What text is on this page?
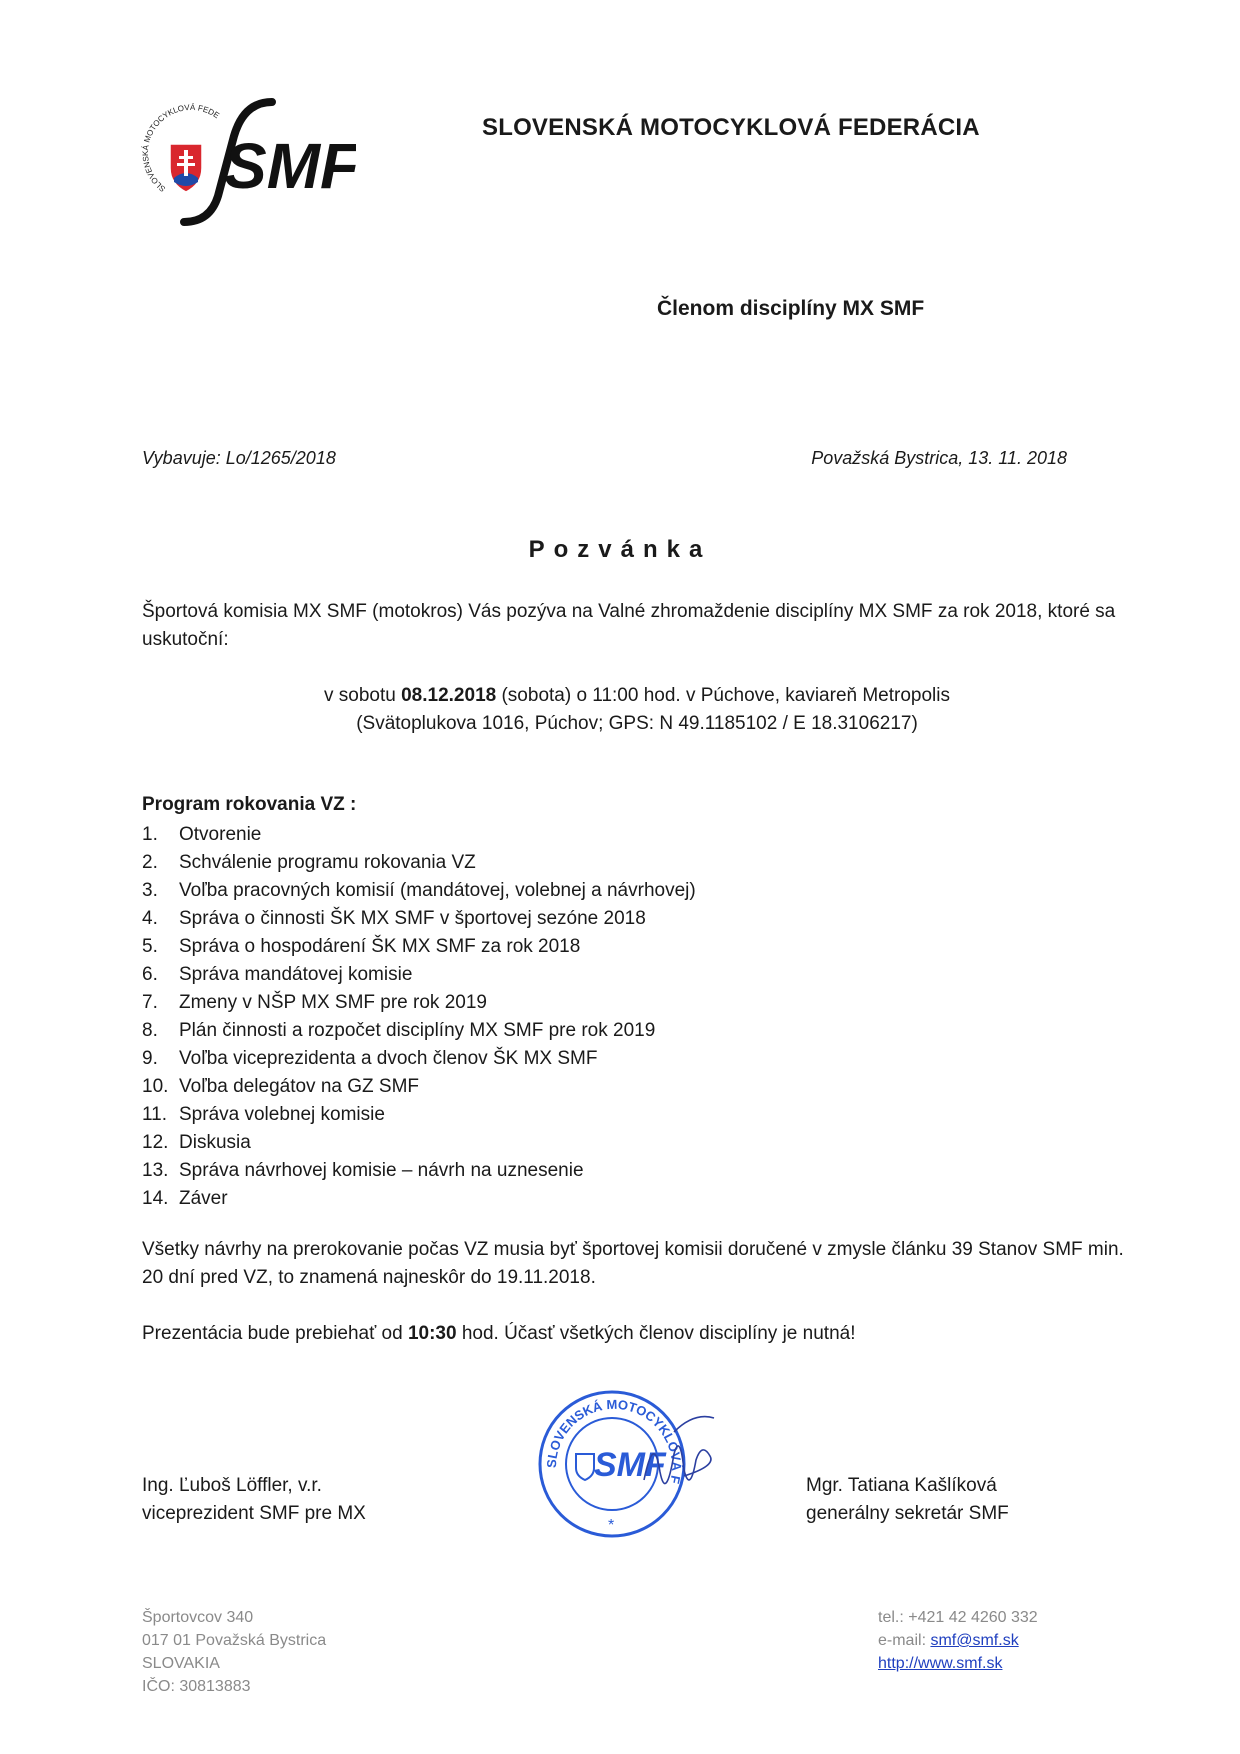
SLOVENSKÁ MOTOCYKLOVÁ FEDE
SMF
SLOVENSKÁ MOTOCYKLOVÁ FEDERÁCIA
Členom disciplíny MX SMF
Vybavuje: Lo/1265/2018	Považská Bystrica, 13. 11. 2018
Pozvánka
Športová komisia MX SMF (motokros) Vás pozýva na Valné zhromaždenie disciplíny MX SMF za rok 2018, ktoré sa uskutoční:
v sobotu 08.12.2018 (sobota) o 11:00 hod. v Púchove, kaviareň Metropolis
(Svätoplukova 1016, Púchov; GPS: N 49.1185102 / E 18.3106217)
Program rokovania VZ :
1.	Otvorenie
2.	Schválenie programu rokovania VZ
3.	Voľba pracovných komisií (mandátovej, volebnej a návrhovej)
4.	Správa o činnosti ŠK MX SMF v športovej sezóne 2018
5.	Správa o hospodárení ŠK MX SMF za rok 2018
6.	Správa mandátovej komisie
7.	Zmeny v NŠP MX SMF pre rok 2019
8.	Plán činnosti a rozpočet disciplíny MX SMF pre rok 2019
9.	Voľba viceprezidenta a dvoch členov ŠK MX SMF
10. Voľba delegátov na GZ SMF
11. Správa volebnej komisie
12. Diskusia
13. Správa návrhovej komisie – návrh na uznesenie
14. Záver
Všetky návrhy na prerokovanie počas VZ musia byť športovej komisii doručené v zmysle článku 39 Stanov SMF min. 20 dní pred VZ, to znamená najneskôr do 19.11.2018.
Prezentácia bude prebiehať od 10:30 hod. Účasť všetkých členov disciplíny je nutná!
Ing. Ľuboš Löffler, v.r.
viceprezident SMF pre MX
SLOVENSKÁ MOTOCYKLOVÁ F
SMF
*
Mgr. Tatiana Kašlíková
generálny sekretár SMF
Športovcov 340
017 01 Považská Bystrica
SLOVAKIA
IČO: 30813883
tel.: +421 42 4260 332
e-mail: smf@smf.sk
http://www.smf.sk
